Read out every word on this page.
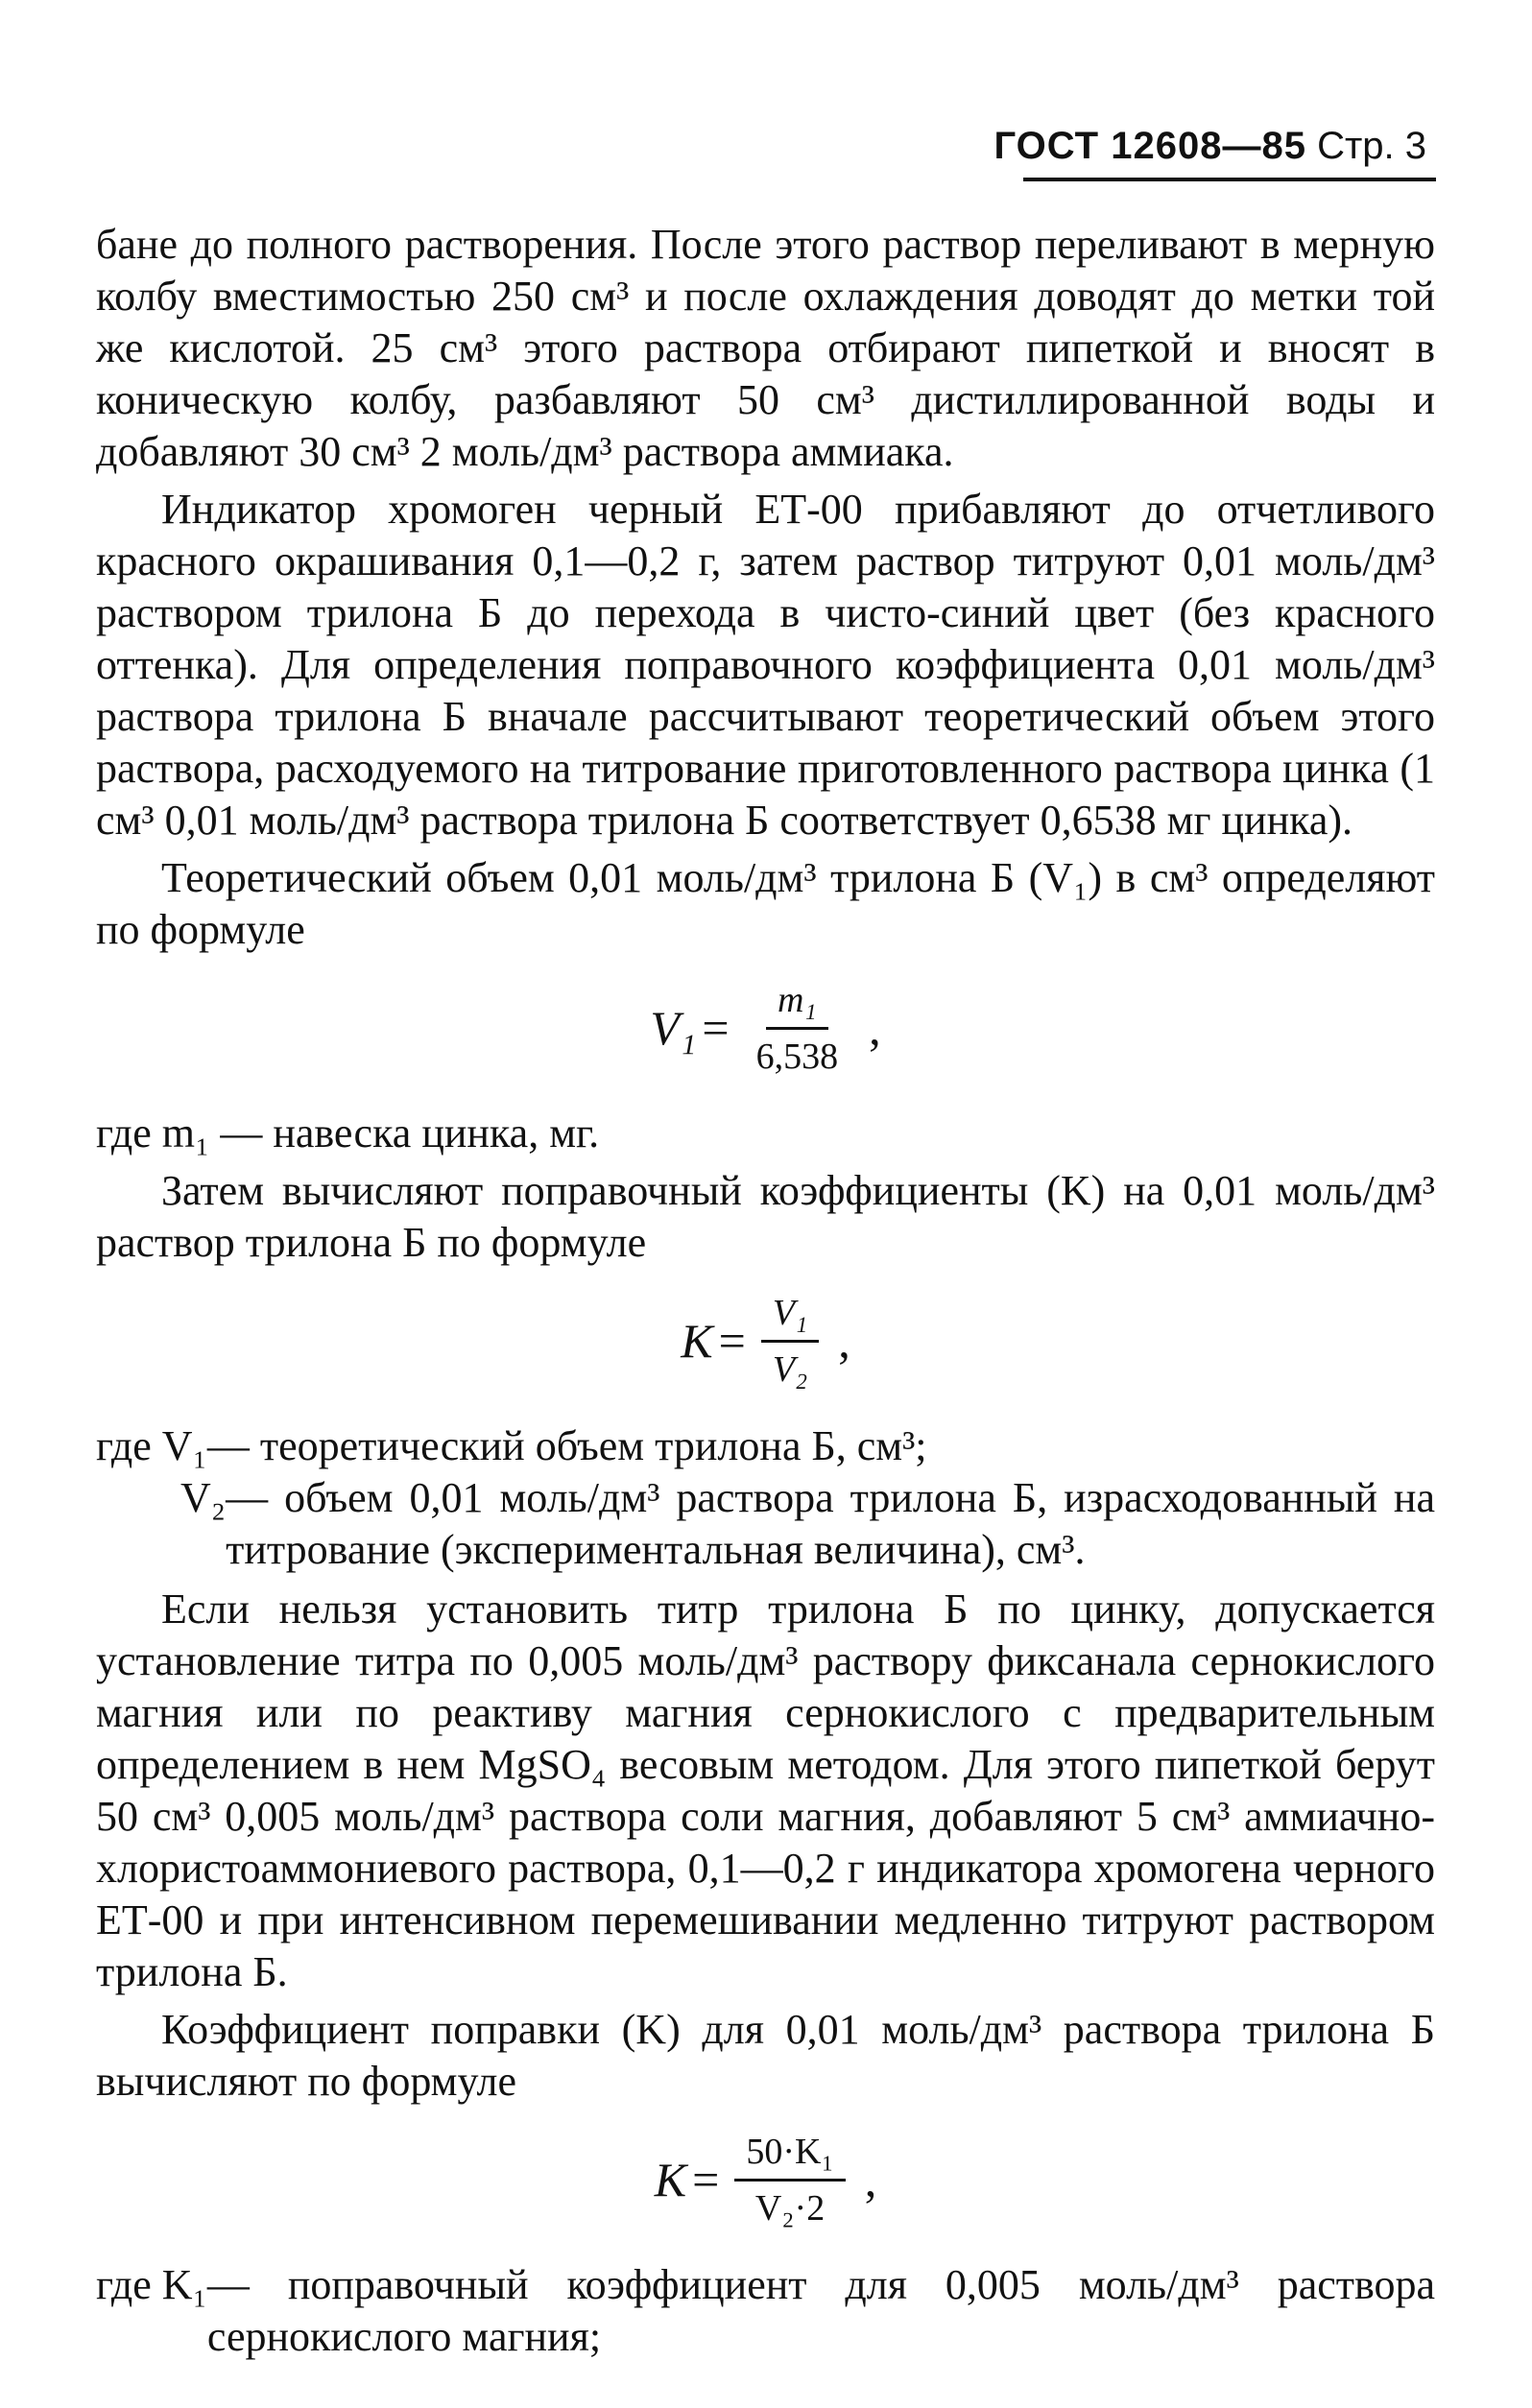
ГОСТ 12608—85 Стр. 3

бане до полного растворения. После этого раствор переливают в мерную колбу вместимостью 250 см³ и после охлаждения доводят до метки той же кислотой. 25 см³ этого раствора отбирают пипеткой и вносят в коническую колбу, разбавляют 50 см³ дистиллированной воды и добавляют 30 см³ 2 моль/дм³ раствора аммиака.

Индикатор хромоген черный ЕТ-00 прибавляют до отчетливого красного окрашивания 0,1—0,2 г, затем раствор титруют 0,01 моль/дм³ раствором трилона Б до перехода в чисто-синий цвет (без красного оттенка). Для определения поправочного коэффициента 0,01 моль/дм³ раствора трилона Б вначале рассчитывают теоретический объем этого раствора, расходуемого на титрование приготовленного раствора цинка (1 см³ 0,01 моль/дм³ раствора трилона Б соответствует 0,6538 мг цинка).

Теоретический объем 0,01 моль/дм³ трилона Б (V₁) в см³ определяют по формуле

$V_1 = \frac{\text{m₁}}{6,538}$ ,

где m₁ — навеска цинка, мг.

Затем вычисляют поправочный коэффициенты (K) на 0,01 моль/дм³ раствор трилона Б по формуле

$K = \frac{\text{V₁}}{\text{V₂}}$ ,
где V₁ — теоретический объем трилона Б, см³;
V₂ — объем 0,01 моль/дм³ раствора трилона Б, израсходованный на титрование (экспериментальная величина), см³.

Если нельзя установить титр трилона Б по цинку, допускается установление титра по 0,005 моль/дм³ раствору фиксанала сернокислого магния или по реактиву магния сернокислого с предварительным определением в нем MgSO₄ весовым методом. Для этого пипеткой берут 50 см³ 0,005 моль/дм³ раствора соли магния, добавляют 5 см³ аммиачно-хлористоаммониевого раствора, 0,1—0,2 г индикатора хромогена черного ЕТ-00 и при интенсивном перемешивании медленно титруют раствором трилона Б.

Коэффициент поправки (K) для 0,01 моль/дм³ раствора трилона Б вычисляют по формуле

$K = \frac{\text{50·K₁}}{\text{V₂·2}}$ ,
где K₁ — поправочный коэффициент для 0,005 моль/дм³ раствора сернокислого магния;
